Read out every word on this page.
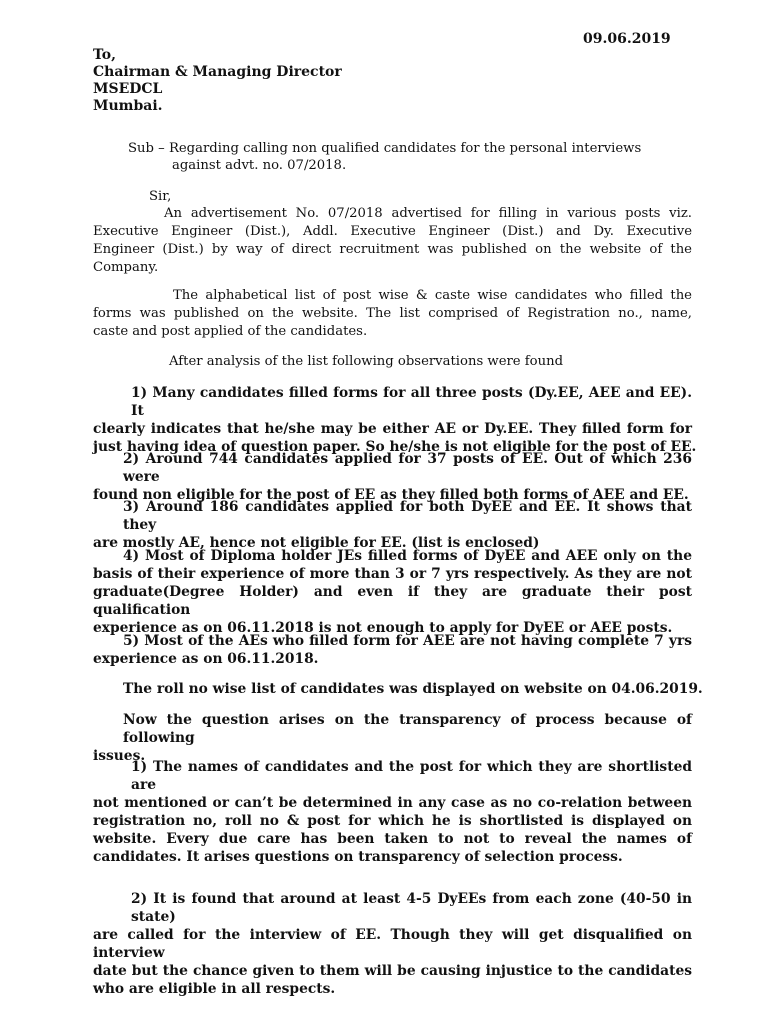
09.06.2019
To,
Chairman & Managing Director
MSEDCL
Mumbai.
Sub – Regarding calling non qualified candidates for the personal interviews
against advt. no. 07/2018.
Sir,
An advertisement No. 07/2018 advertised for filling in various posts viz.
Executive Engineer (Dist.), Addl. Executive Engineer (Dist.) and Dy. Executive
Engineer (Dist.) by way of direct recruitment was published on the website of the
Company.
The alphabetical list of post wise & caste wise candidates who filled the
forms was published on the website. The list comprised of Registration no., name,
caste and post applied of the candidates.
After analysis of the list following observations were found
1) Many candidates filled forms for all three posts (Dy.EE, AEE and EE). It
clearly indicates that he/she may be either AE or Dy.EE. They filled form for
just having idea of question paper. So he/she is not eligible for the post of EE.
2) Around 744 candidates applied for 37 posts of EE. Out of which 236 were
found non eligible for the post of EE as they filled both forms of AEE and EE.
3) Around 186 candidates applied for both DyEE and EE. It shows that they
are mostly AE, hence not eligible for EE. (list is enclosed)
4) Most of Diploma holder JEs filled forms of DyEE and AEE only on the
basis of their experience of more than 3 or 7 yrs respectively. As they are not
graduate(Degree Holder) and even if they are graduate their post qualification
experience as on 06.11.2018 is not enough to apply for DyEE or AEE posts.
5) Most of the AEs who filled form for AEE are not having complete 7 yrs
experience as on 06.11.2018.
The roll no wise list of candidates was displayed on website on 04.06.2019.
Now the question arises on the transparency of process because of following
issues.
1) The names of candidates and the post for which they are shortlisted are
not mentioned or can’t be determined in any case as no co-relation between
registration no, roll no & post for which he is shortlisted is displayed on
website. Every due care has been taken to not to reveal the names of
candidates. It arises questions on transparency of selection process.
2) It is found that around at least 4-5 DyEEs from each zone (40-50 in state)
are called for the interview of EE. Though they will get disqualified on interview
date but the chance given to them will be causing injustice to the candidates
who are eligible in all respects.
